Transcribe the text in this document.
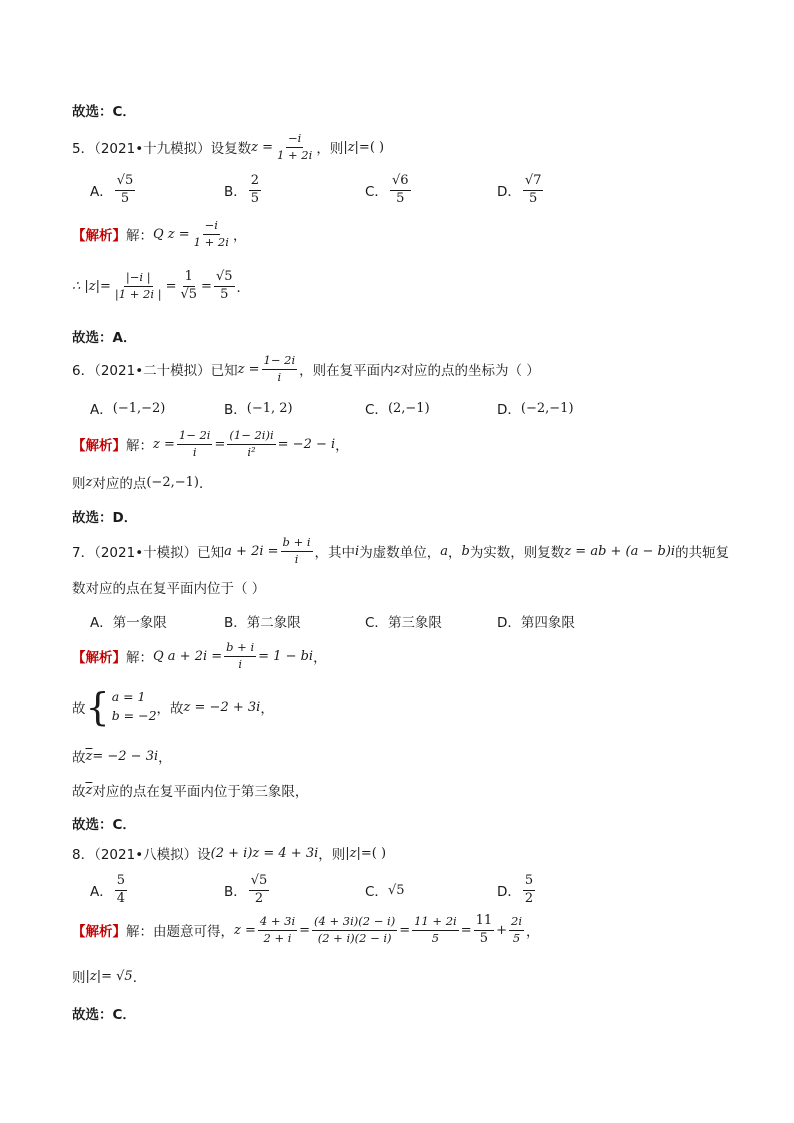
故选：C．
5．（2021•十九模拟）设复数 $z = \frac{-i}{1 + 2i}$ ，则 |z|= ( )
A． $\frac{√5}{5}$	B． $\frac{2}{5}$	C． $\frac{√6}{5}$	D． $\frac{√7}{5}$
【解析】 解： Q $z = \frac{-i}{1 + 2i}$ ，
∴ $|z|= \frac{|-i |}{|1 + 2i |} = \frac{1}{√5} = \frac{√5}{5}$ ．
故选：A．
6．（2021•二十模拟）已知 $z = \frac{1- 2i}{i}$ ，则在复平面内 z 对应的点的坐标为（ ）
A． (−1,−2)	B． (−1, 2)	C． (2,−1)	D． (−2,−1)
【解析】 解： $z = \frac{1- 2i}{i} = \frac{(1- 2i)i}{\text{i²}} = -2 - i$ ，
则 z 对应的点 (−2,−1) ．
故选：D．
7．（2021•十模拟）已知 $a + 2i = \frac{b + i}{i}$ ，其中 i 为虚数单位， a ， b 为实数，则复数 z = ab + (a − b)i 的共轭复
数对应的点在复平面内位于（ ）
A． 第一象限	B． 第二象限	C． 第三象限	D． 第四象限
【解析】 解： Q $a + 2i = \frac{b + i}{i} = 1$ − bi ，
故 { a = 1
b = −2 ，故 z = −2 + 3i ，
故 $\overline{z} = -2 - 3i$ ，
故 $\overline{z}$ 对应的点在复平面内位于第三象限，
故选：C．
8．（2021•八模拟）设 (2 + i)z = 4 + 3i ，则 |z|= ( )
A． $\frac{5}{4}$	B． $\frac{√5}{2}$	C． √5	D． $\frac{5}{2}$
【解析】 解：由题意可得， $z = \frac{4 + 3i}{2 + i} = \frac{(4 + 3i)(2 - i)}{(2 + i)(2 - i)} = \frac{11 + 2i}{5} = \frac{11}{5} + \frac{2i}{5}$ ，
则 |z|= √5 ．
故选：C．
